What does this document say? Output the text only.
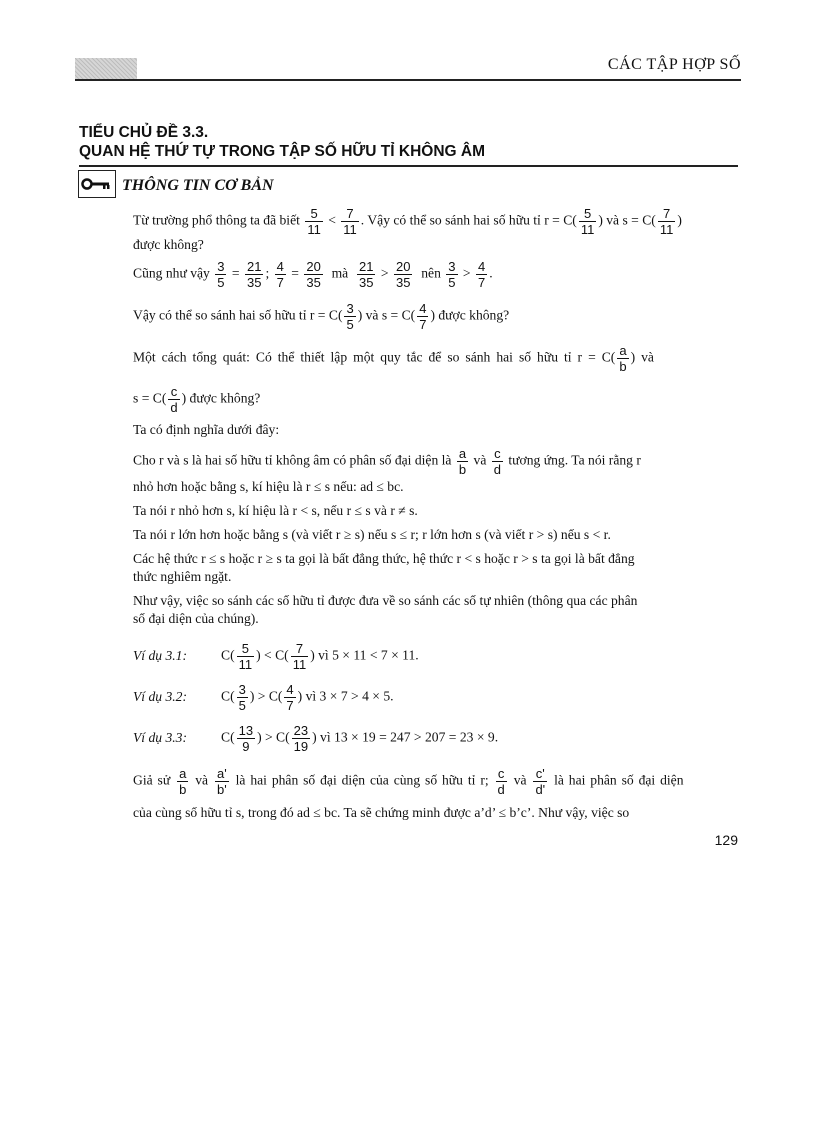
CÁC TẬP HỢP SỐ
TIỂU CHỦ ĐỀ 3.3.
QUAN HỆ THỨ TỰ TRONG TẬP SỐ HỮU TỈ KHÔNG ÂM
THÔNG TIN CƠ BẢN
Từ trường phổ thông ta đã biết $\frac{5}{11} < \frac{7}{11}$ . Vậy có thể so sánh hai số hữu tỉ $r = C( \frac{5}{11}$ ) và $s = C( \frac{7}{11}$ )
được không?
Cũng như vậy $\frac{3}{5} = \frac{21}{35}$ ; $\frac{4}{7} = \frac{20}{35}$ mà $\frac{21}{35} > \frac{20}{35}$ nên $\frac{3}{5} > \frac{4}{7}$ .
Vậy có thể so sánh hai số hữu tỉ $r = C( \frac{3}{5}$ ) và $s = C( \frac{4}{7}$ ) được không?
Một cách tổng quát: Có thể thiết lập một quy tắc để so sánh hai số hữu tỉ $r = C( \frac{a}{b}$ ) và
$s = C( \frac{c}{d}$ ) được không?
Ta có định nghĩa dưới đây:
Cho r và s là hai số hữu tỉ không âm có phân số đại diện là $\frac{a}{b}$ và $\frac{c}{d}$ tương ứng. Ta nói rằng r
nhỏ hơn hoặc bằng s, kí hiệu là r ≤ s nếu: ad ≤ bc.
Ta nói r nhỏ hơn s, kí hiệu là r < s, nếu r ≤ s và r ≠ s.
Ta nói r lớn hơn hoặc bằng s (và viết r ≥ s) nếu s ≤ r; r lớn hơn s (và viết r > s) nếu s < r.
Các hệ thức r ≤ s hoặc r ≥ s ta gọi là bất đẳng thức, hệ thức r < s hoặc r > s ta gọi là bất đẳng
thức nghiêm ngặt.
Như vậy, việc so sánh các số hữu tỉ được đưa về so sánh các số tự nhiên (thông qua các phân
số đại diện của chúng).
Ví dụ 3.1:	$C( \frac{5}{11}$ ) < $C( \frac{7}{11}$ ) vì 5 × 11 < 7 × 11.
Ví dụ 3.2:	$C( \frac{3}{5}$ ) > $C( \frac{4}{7}$ ) vì 3 × 7 > 4 × 5.
Ví dụ 3.3:	$C( \frac{13}{9}$ ) > $C( \frac{23}{19}$ ) vì 13 × 19 = 247 > 207 = 23 × 9.
Giả sử $\frac{a}{b}$ và $\frac{a'}{b'}$ là hai phân số đại diện của cùng số hữu tỉ r; $\frac{c}{d}$ và $\frac{c'}{d'}$ là hai phân số đại diện
của cùng số hữu tỉ s, trong đó ad ≤ bc. Ta sẽ chứng minh được a’d’ ≤ b’c’. Như vậy, việc so
129
